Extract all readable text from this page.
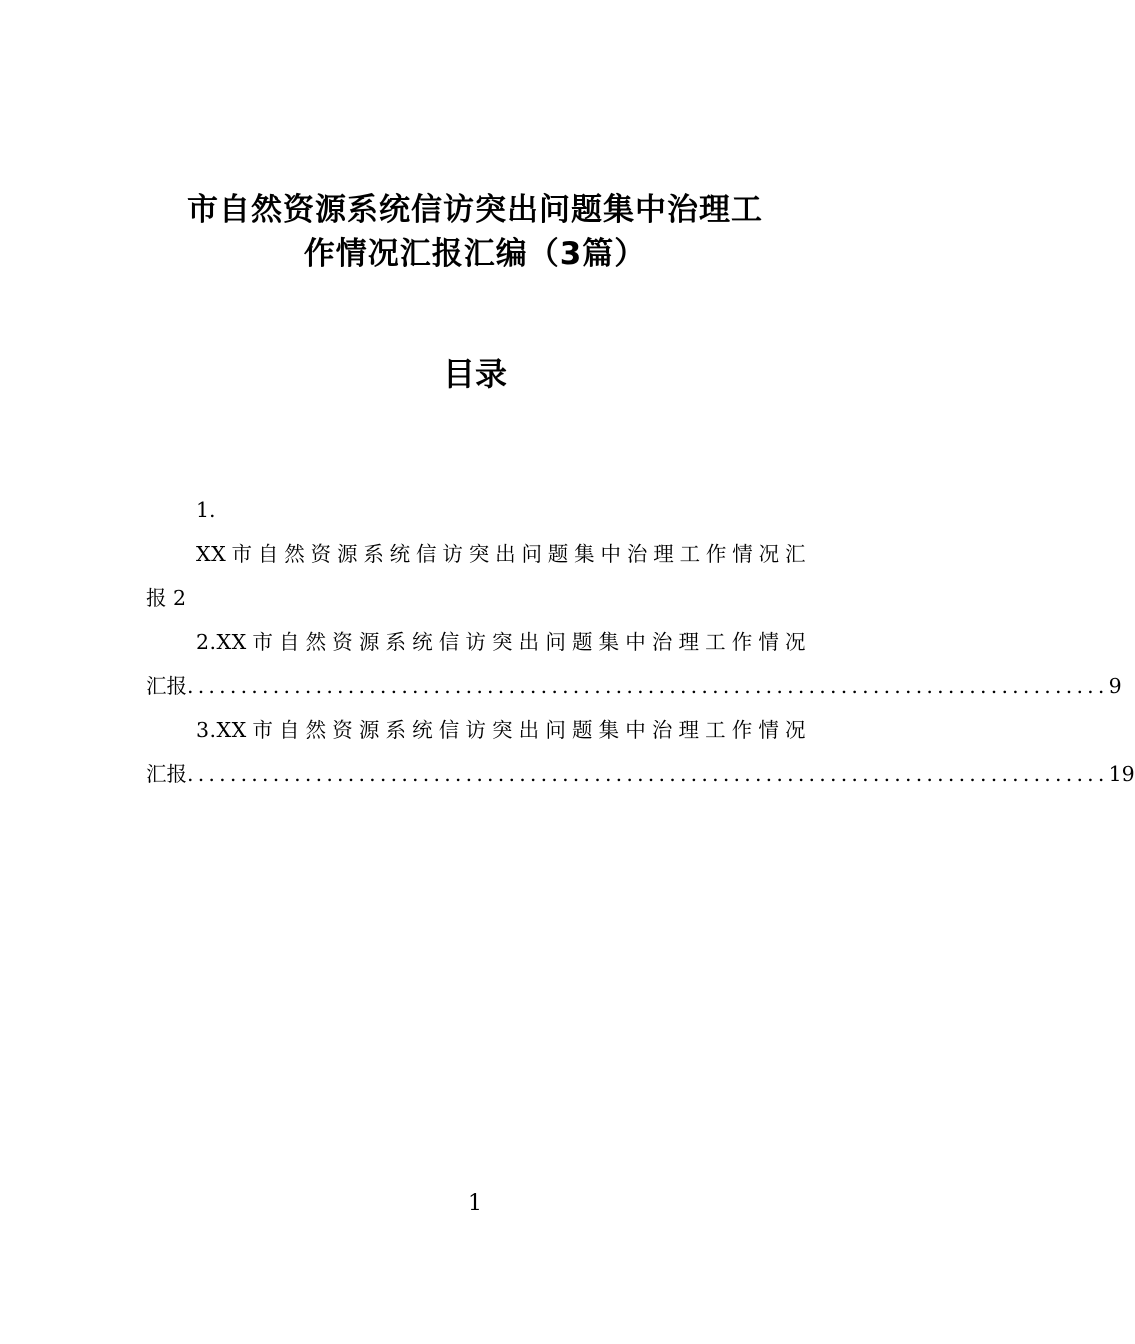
市自然资源系统信访突出问题集中治理工
作情况汇报汇编（3篇）
目录
1.
XX市自然资源系统信访突出问题集中治理工作情况汇
报 2
2.XX市自然资源系统信访突出问题集中治理工作情况
汇报 ...................................................................................... 9
3.XX市自然资源系统信访突出问题集中治理工作情况
汇报 ...................................................................................... 19
1
